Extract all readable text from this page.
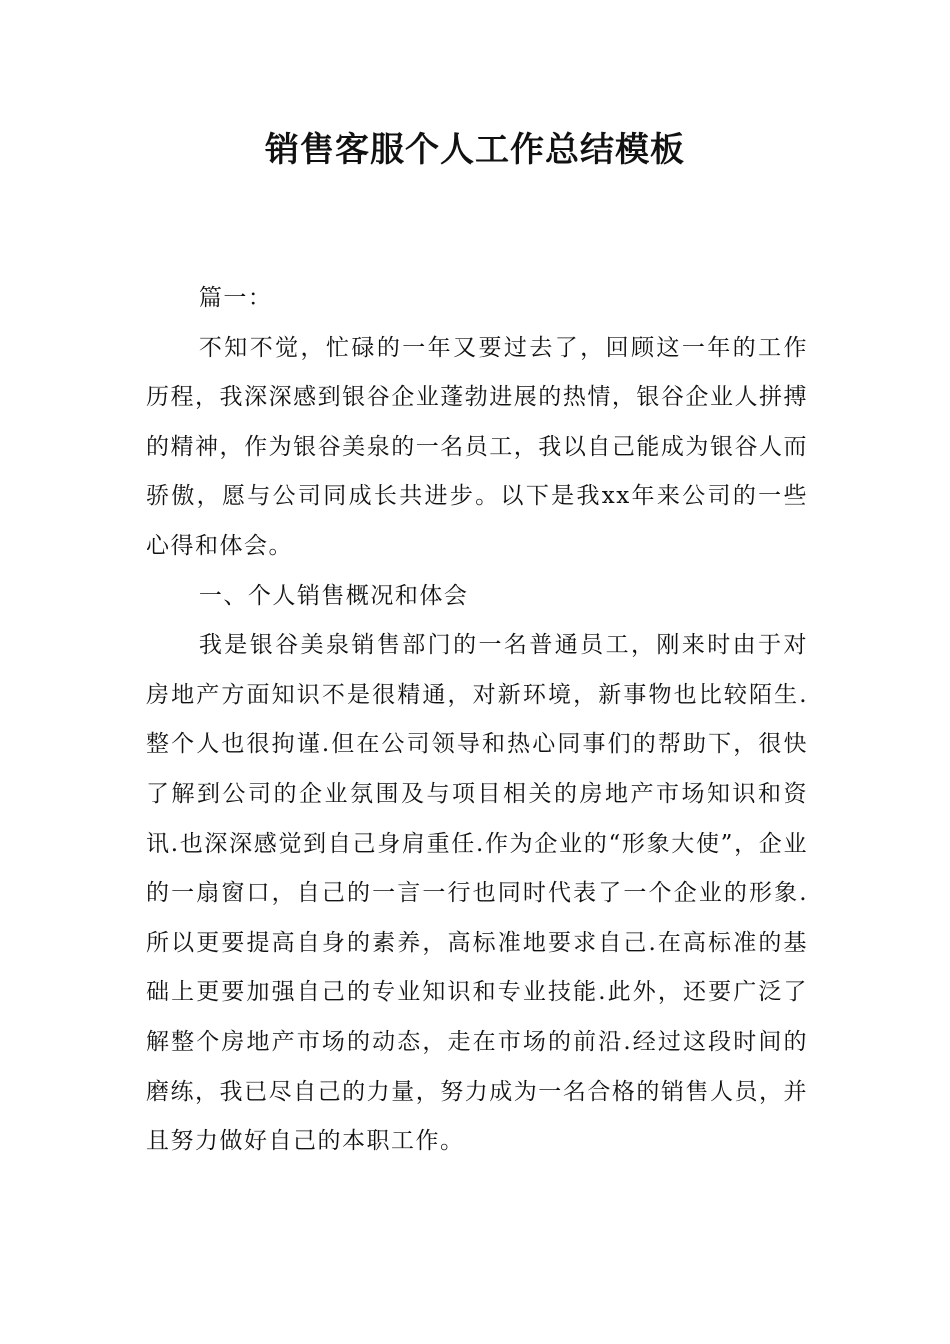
销售客服个人工作总结模板

篇一：

不知不觉，忙碌的一年又要过去了，回顾这一年的工作历程，我深深感到银谷企业蓬勃进展的热情，银谷企业人拼搏的精神，作为银谷美泉的一名员工，我以自己能成为银谷人而骄傲，愿与公司同成长共进步。以下是我xx年来公司的一些心得和体会。

一、个人销售概况和体会

我是银谷美泉销售部门的一名普通员工，刚来时由于对房地产方面知识不是很精通，对新环境，新事物也比较陌生.整个人也很拘谨.但在公司领导和热心同事们的帮助下，很快了解到公司的企业氛围及与项目相关的房地产市场知识和资讯.也深深感觉到自己身肩重任.作为企业的“形象大使”，企业的一扇窗口，自己的一言一行也同时代表了一个企业的形象.所以更要提高自身的素养，高标准地要求自己.在高标准的基础上更要加强自己的专业知识和专业技能.此外，还要广泛了解整个房地产市场的动态，走在市场的前沿.经过这段时间的磨练，我已尽自己的力量，努力成为一名合格的销售人员，并且努力做好自己的本职工作。
